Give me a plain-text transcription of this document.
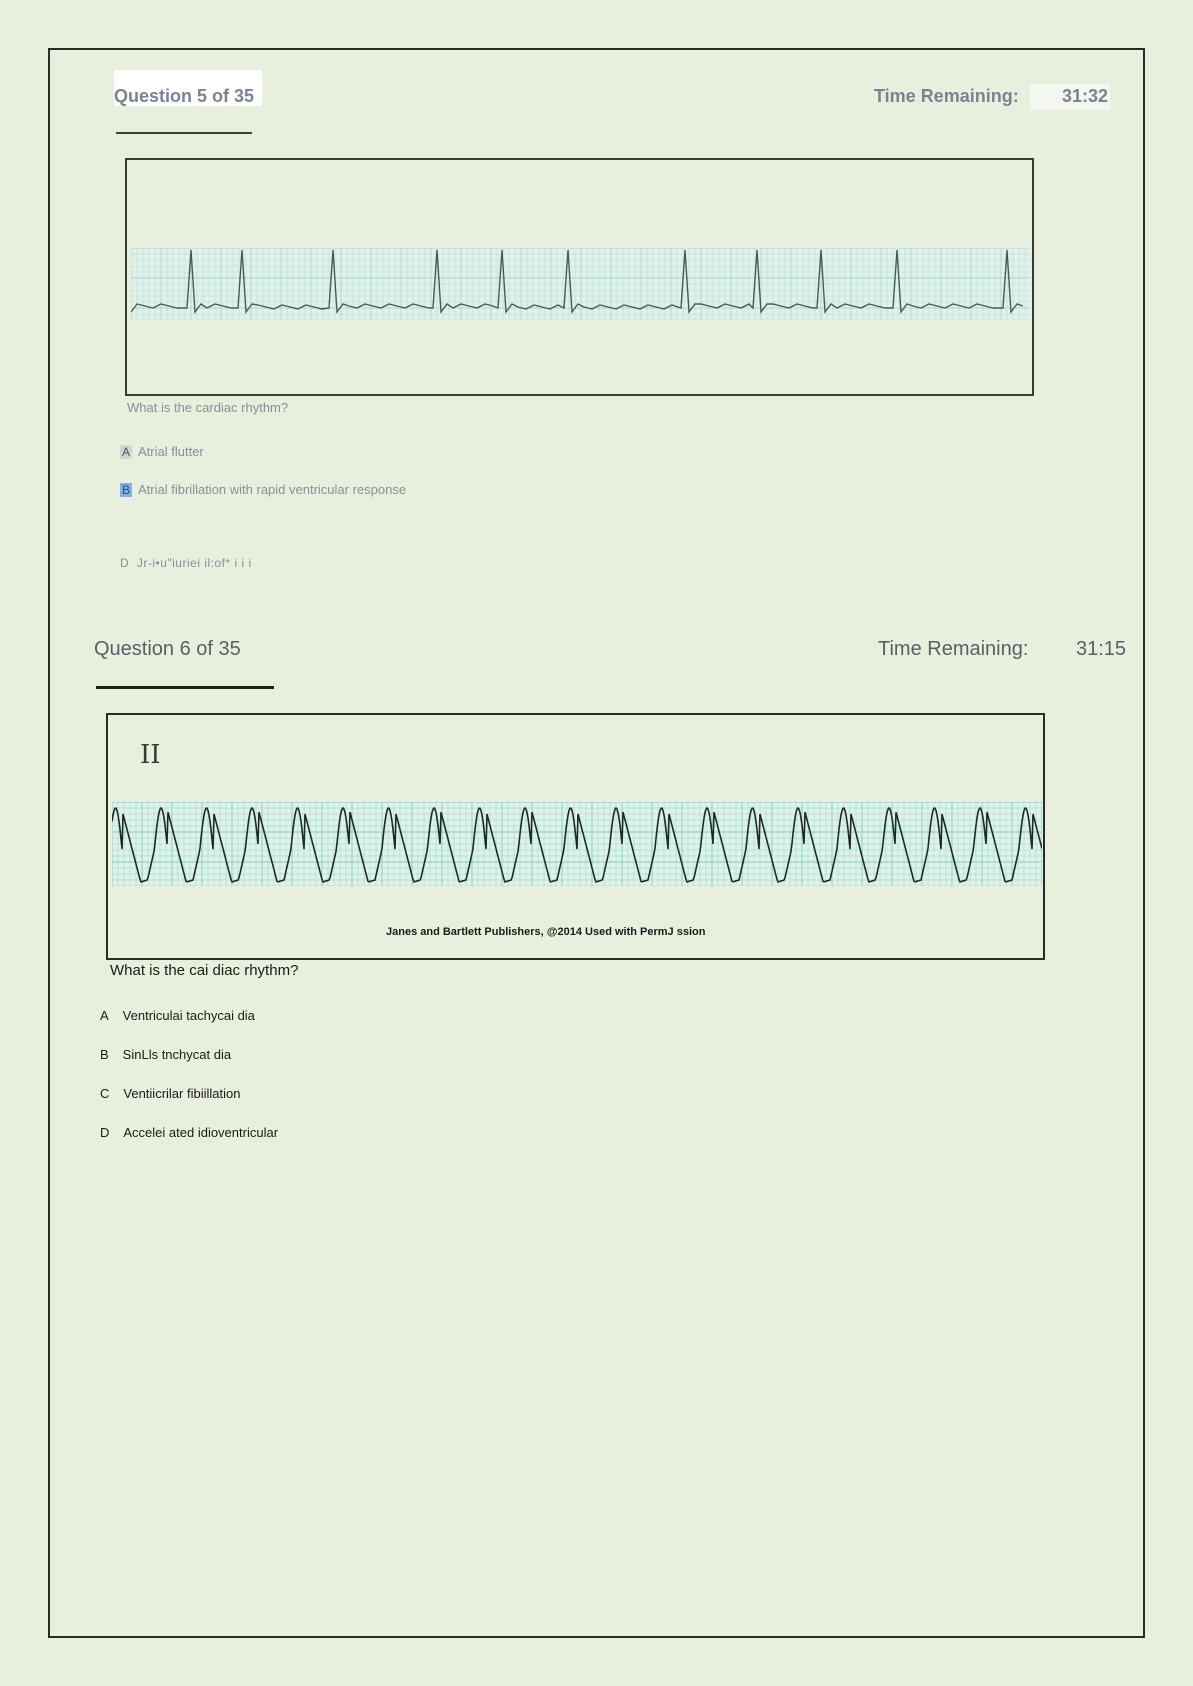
Question 5 of 35	Time Remaining: 31:32
What is the cardiac rhythm?
A Atrial flutter
B Atrial fibrillation with rapid ventricular response
D Jr-i•u"iuriei il:of* i i i
Question 6 of 35	Time Remaining: 31:15
II
Janes and Bartlett Publishers, @2014 Used with PermJ ssion
What is the cai diac rhythm?
A Ventriculai tachycai dia
B SinLls tnchycat dia
C Ventiicrilar fibiillation
D Accelei ated idioventricular
